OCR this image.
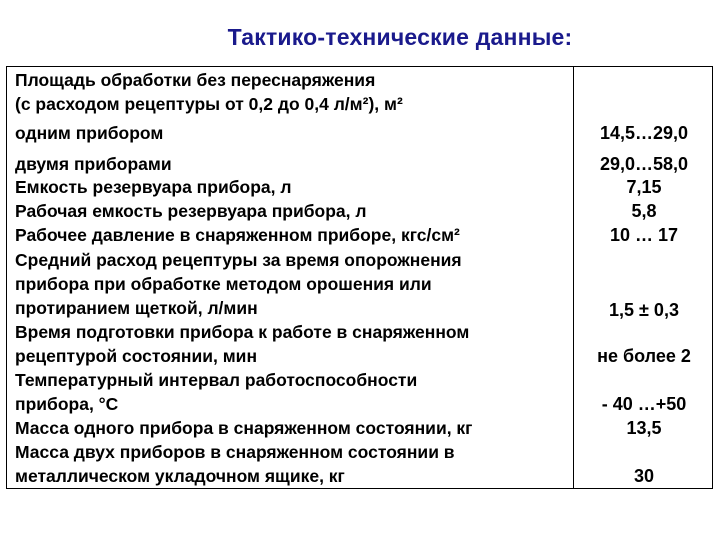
Тактико-технические данные:
Площадь обработки без переснаряжения
(с расходом рецептуры от 0,2 до 0,4 л/м²), м²
одним прибором	14,5…29,0
двумя приборами	29,0…58,0
Емкость резервуара прибора, л	7,15
Рабочая емкость резервуара прибора, л	5,8
Рабочее давление в снаряженном приборе, кгс/см²	10 … 17
Средний расход рецептуры за время опорожнения
прибора при обработке методом орошения или
протиранием щеткой, л/мин	1,5 ± 0,3
Время подготовки прибора к работе в снаряженном
рецептурой состоянии, мин	не более 2
Температурный интервал работоспособности
прибора, °С	- 40 …+50
Масса одного прибора в снаряженном состоянии, кг	13,5
Масса двух приборов в снаряженном состоянии в
металлическом укладочном ящике, кг	30
